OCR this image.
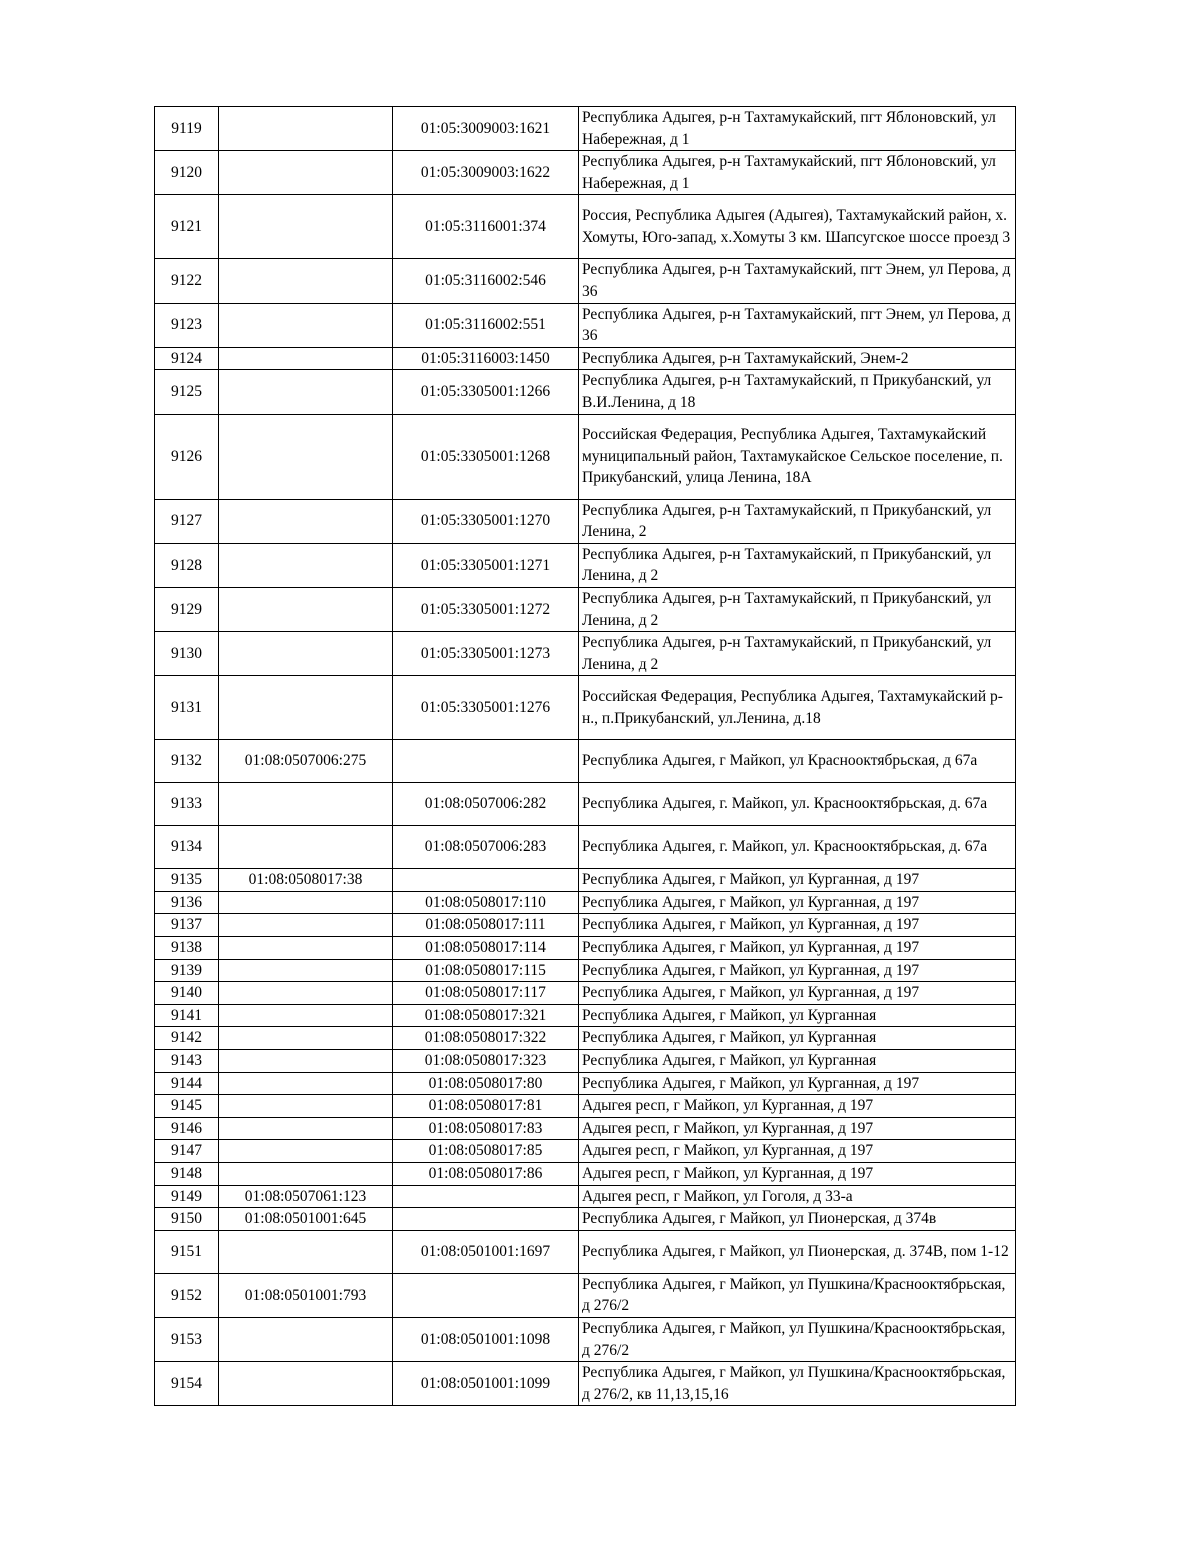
9119		01:05:3009003:1621	Республика Адыгея, р-н Тахтамукайский, пгт Яблоновский, ул Набережная, д 1
9120		01:05:3009003:1622	Республика Адыгея, р-н Тахтамукайский, пгт Яблоновский, ул Набережная, д 1
9121		01:05:3116001:374	Россия, Республика Адыгея (Адыгея), Тахтамукайский район, х. Хомуты, Юго-запад, х.Хомуты 3 км. Шапсугское шоссе проезд 3
9122		01:05:3116002:546	Республика Адыгея, р-н Тахтамукайский, пгт Энем, ул Перова, д 36
9123		01:05:3116002:551	Республика Адыгея, р-н Тахтамукайский, пгт Энем, ул Перова, д 36
9124		01:05:3116003:1450	Республика Адыгея, р-н Тахтамукайский, Энем-2
9125		01:05:3305001:1266	Республика Адыгея, р-н Тахтамукайский, п Прикубанский, ул В.И.Ленина, д 18
9126		01:05:3305001:1268	Российская Федерация, Республика Адыгея, Тахтамукайский муниципальный район, Тахтамукайское Сельское поселение, п. Прикубанский, улица Ленина, 18А
9127		01:05:3305001:1270	Республика Адыгея, р-н Тахтамукайский, п Прикубанский, ул Ленина, 2
9128		01:05:3305001:1271	Республика Адыгея, р-н Тахтамукайский, п Прикубанский, ул Ленина, д 2
9129		01:05:3305001:1272	Республика Адыгея, р-н Тахтамукайский, п Прикубанский, ул Ленина, д 2
9130		01:05:3305001:1273	Республика Адыгея, р-н Тахтамукайский, п Прикубанский, ул Ленина, д 2
9131		01:05:3305001:1276	Российская Федерация, Республика Адыгея, Тахтамукайский р-н., п.Прикубанский, ул.Ленина, д.18
9132	01:08:0507006:275		Республика Адыгея, г Майкоп, ул Краснооктябрьская, д 67а
9133		01:08:0507006:282	Республика Адыгея, г. Майкоп, ул. Краснооктябрьская, д. 67а
9134		01:08:0507006:283	Республика Адыгея, г. Майкоп, ул. Краснооктябрьская, д. 67а
9135	01:08:0508017:38		Республика Адыгея, г Майкоп, ул Курганная, д 197
9136		01:08:0508017:110	Республика Адыгея, г Майкоп, ул Курганная, д 197
9137		01:08:0508017:111	Республика Адыгея, г Майкоп, ул Курганная, д 197
9138		01:08:0508017:114	Республика Адыгея, г Майкоп, ул Курганная, д 197
9139		01:08:0508017:115	Республика Адыгея, г Майкоп, ул Курганная, д 197
9140		01:08:0508017:117	Республика Адыгея, г Майкоп, ул Курганная, д 197
9141		01:08:0508017:321	Республика Адыгея, г Майкоп, ул Курганная
9142		01:08:0508017:322	Республика Адыгея, г Майкоп, ул Курганная
9143		01:08:0508017:323	Республика Адыгея, г Майкоп, ул Курганная
9144		01:08:0508017:80	Республика Адыгея, г Майкоп, ул Курганная, д 197
9145		01:08:0508017:81	Адыгея респ, г Майкоп, ул Курганная, д 197
9146		01:08:0508017:83	Адыгея респ, г Майкоп, ул Курганная, д 197
9147		01:08:0508017:85	Адыгея респ, г Майкоп, ул Курганная, д 197
9148		01:08:0508017:86	Адыгея респ, г Майкоп, ул Курганная, д 197
9149	01:08:0507061:123		Адыгея респ, г Майкоп, ул Гоголя, д 33-а
9150	01:08:0501001:645		Республика Адыгея, г Майкоп, ул Пионерская, д 374в
9151		01:08:0501001:1697	Республика Адыгея, г Майкоп, ул Пионерская, д. 374В, пом 1-12
9152	01:08:0501001:793		Республика Адыгея, г Майкоп, ул Пушкина/Краснооктябрьская, д 276/2
9153		01:08:0501001:1098	Республика Адыгея, г Майкоп, ул Пушкина/Краснооктябрьская, д 276/2
9154		01:08:0501001:1099	Республика Адыгея, г Майкоп, ул Пушкина/Краснооктябрьская, д 276/2, кв 11,13,15,16
